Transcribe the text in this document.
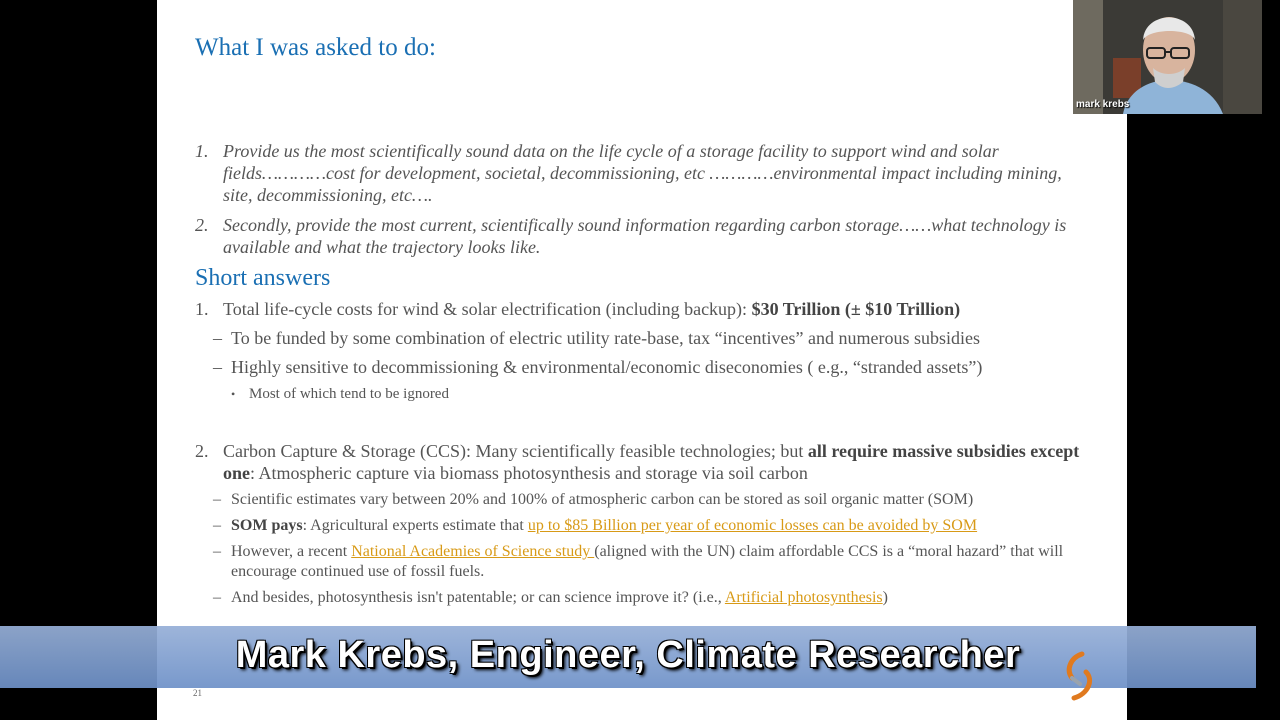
What I was asked to do:
1. Provide us the most scientifically sound data on the life cycle of a storage facility to support wind and solar fields…………cost for development, societal, decommissioning, etc …………environmental impact including mining, site, decommissioning, etc….
2. Secondly, provide the most current, scientifically sound information regarding carbon storage……what technology is available and what the trajectory looks like.
Short answers
1. Total life-cycle costs for wind & solar electrification (including backup): $30 Trillion (± $10 Trillion)
– To be funded by some combination of electric utility rate-base, tax “incentives” and numerous subsidies
– Highly sensitive to decommissioning & environmental/economic diseconomies ( e.g., “stranded assets”)
• Most of which tend to be ignored
2. Carbon Capture & Storage (CCS): Many scientifically feasible technologies; but all require massive subsidies except one: Atmospheric capture via biomass photosynthesis and storage via soil carbon
– Scientific estimates vary between 20% and 100% of atmospheric carbon can be stored as soil organic matter (SOM)
– SOM pays: Agricultural experts estimate that up to $85 Billion per year of economic losses can be avoided by SOM
– However, a recent National Academies of Science study (aligned with the UN) claim affordable CCS is a “moral hazard” that will encourage continued use of fossil fuels.
– And besides, photosynthesis isn't patentable; or can science improve it? (i.e., Artificial photosynthesis)
21
Mark Krebs, Engineer, Climate Researcher
mark krebs
